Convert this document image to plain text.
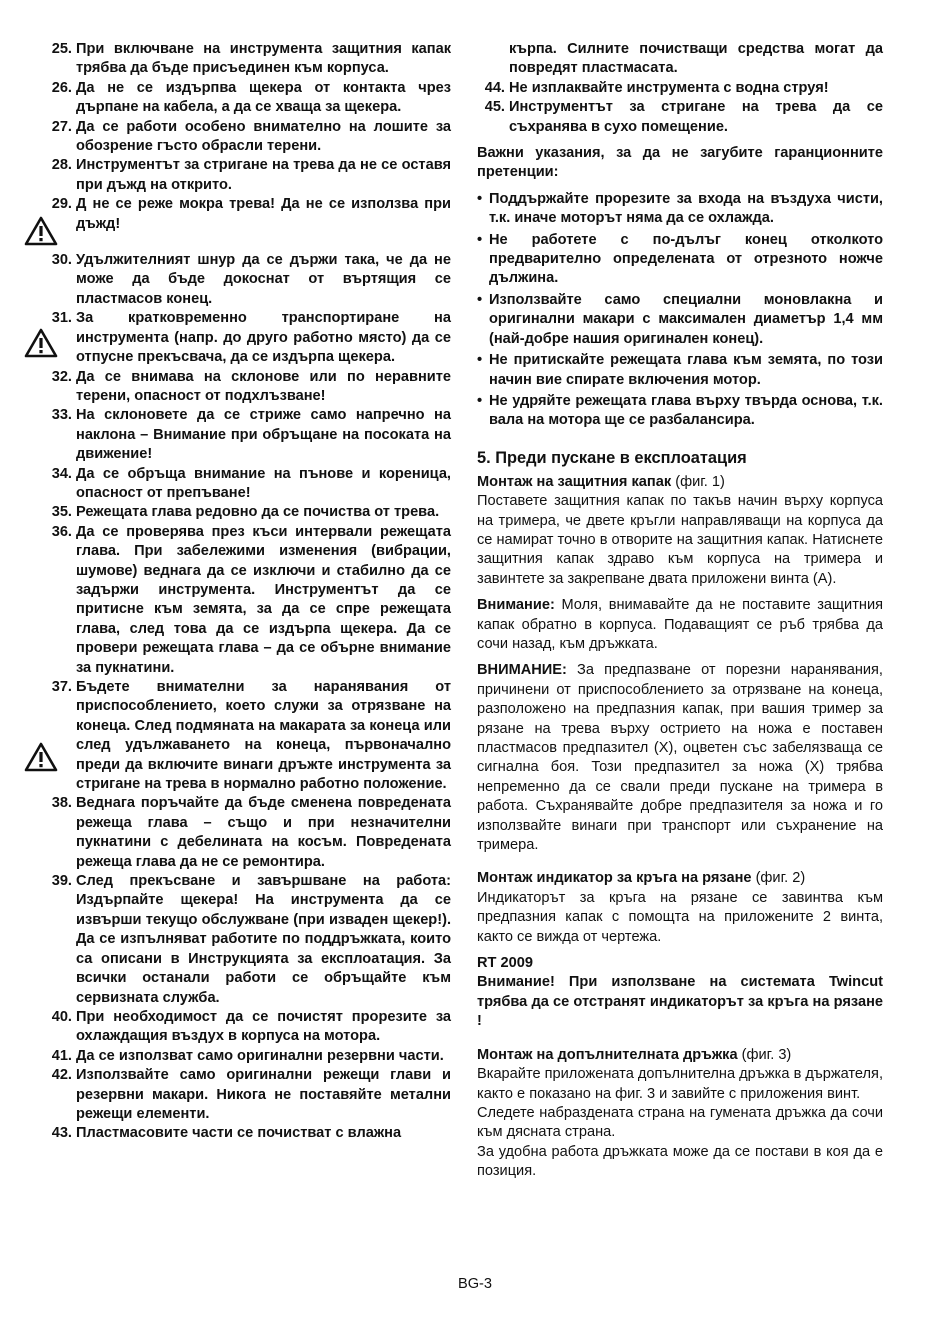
25. При включване на инструмента защитния капак трябва да бъде присъединен към корпуса.
26. Да не се издърпва щекера от контакта чрез дърпане на кабела, а да се хваща за щекера.
27. Да се работи особено внимателно на лошите за обозрение гъсто обрасли терени.
28. Инструментът за стригане на трева да не се оставя при дъжд на открито.
29. Д не се реже мокра трева! Да не се използва при дъжд!
30. Удължителният шнур да се държи така, че да не може да бъде докоснат от въртящия се пластмасов конец.
31. За кратковременно транспортиране на инструмента (напр. до друго работно място) да се отпусне прекъсвача, да се издърпа щекера.
32. Да се внимава на склонове или по неравните терени, опасност от подхлъзване!
33. На склоновете да се стриже само напречно на наклона – Внимание при обръщане на посоката на движение!
34. Да се обръща внимание на пънове и кореница, опасност от препъване!
35. Режещата глава редовно да се почиства от трева.
36. Да се проверява през къси интервали режещата глава. При забележими изменения (вибрации, шумове) веднага да се изключи и стабилно да се задържи инструмента. Инструментът да се притисне към земята, за да се спре режещата глава, след това да се издърпа щекера. Да се провери режещата глава – да се обърне внимание за пукнатини.
37. Бъдете внимателни за наранявания от приспособлението, което служи за отрязване на конеца. След подмяната на макарата за конеца или след удължаването на конеца, първоначално преди да включите винаги дръжте инструмента за стригане на трева в нормално работно положение.
38. Веднага поръчайте да бъде сменена повредената режеща глава – също и при незначителни пукнатини с дебелината на косъм. Повредената режеща глава да не се ремонтира.
39. След прекъсване и завършване на работа: Издърпайте щекера! На инструмента да се извърши текущо обслужване (при изваден щекер!). Да се изпълняват работите по поддръжката, които са описани в Инструкцията за експлоатация. За всички останали работи се обръщайте към сервизната служба.
40. При необходимост да се почистят прорезите за охлаждащия въздух в корпуса на мотора.
41. Да се използват само оригинални резервни части.
42. Използвайте само оригинални режещи глави и резервни макари. Никога не поставяйте метални режещи елементи.
43. Пластмасовите части се почистват с влажна
кърпа. Силните почистващи средства могат да повредят пластмасата.
44. Не изплаквайте инструмента с водна струя!
45. Инструментът за стригане на трева да се съхранява в сухо помещение.
Важни указания, за да не загубите гаранционните претенции:
• Поддържайте прорезите за входа на въздуха чисти, т.к. иначе моторът няма да се охлажда.
• Не работете с по-дълъг конец отколкото предварително определената от отрезното ножче дължина.
• Използвайте само специални моновлакна и оригинални макари с максимален диаметър 1,4 мм (най-добре нашия оригинален конец).
• Не притискайте режещата глава към земята, по този начин вие спирате включения мотор.
• Не удряйте режещата глава върху твърда основа, т.к. вала на мотора ще се разбалансира.
5. Преди пускане в експлоатация
Монтаж на защитния капак (фиг. 1)
Поставете защитния капак по такъв начин върху корпуса на тримера, че двете кръгли направляващи на корпуса да се намират точно в отворите на защитния капак. Натиснете защитния капак здраво към корпуса на тримера и завинтете за закрепване двата приложени винта (A).
Внимание: Моля, внимавайте да не поставите защитния капак обратно в корпуса. Подаващият се ръб трябва да сочи назад, към дръжката.
ВНИМАНИЕ: За предпазване от порезни наранявания, причинени от приспособлението за отрязване на конеца, разположено на предпазния капак, при вашия тример за рязане на трева върху острието на ножа е поставен пластмасов предпазител (X), оцветен със забелязваща се сигнална боя. Този предпазител за ножа (X) трябва непременно да се свали преди пускане на тримера в работа. Съхранявайте добре предпазителя за ножа и го използвайте винаги при транспорт или съхранение на тримера.
Монтаж индикатор за кръга на рязане (фиг. 2)
Индикаторът за кръга на рязане се завинтва към предпазния капак с помощта на приложените 2 винта, както се вижда от чертежа.
RT 2009
Внимание! При използване на системата Twincut трябва да се отстранят индикаторът за кръга на рязане !
Монтаж на допълнителната дръжка (фиг. 3)
Вкарайте приложената допълнителна дръжка в държателя, както е показано на фиг. 3 и завийте с приложения винт.
Следете набраздената страна на гумената дръжка да сочи към дясната страна.
За удобна работа дръжката може да се постави в коя да е позиция.
BG-3
